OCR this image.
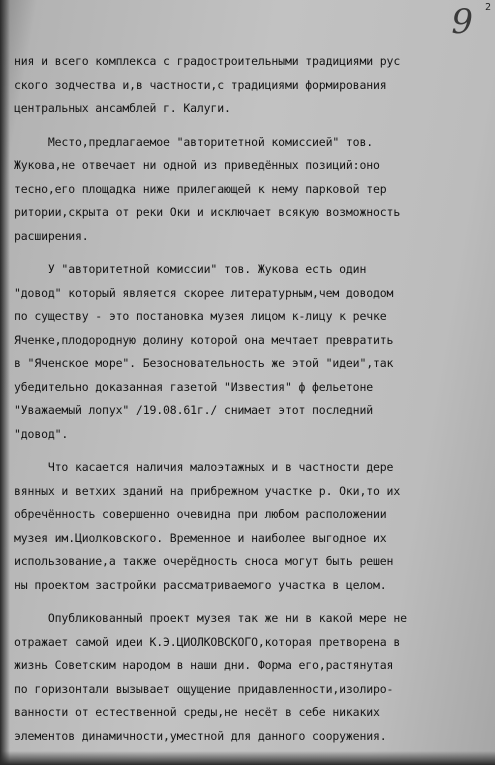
9 2
ния и всего комплекса с градостроительными традициями рус
ского зодчества и,в частности,с традициями формирования
центральных ансамблей г. Калуги.
Место,предлагаемое "авторитетной комиссией" тов.
Жукова,не отвечает ни одной из приведённых позиций:оно
тесно,его площадка ниже прилегающей к нему парковой тер
ритории,скрыта от реки Оки и исключает всякую возможность
расширения.
У "авторитетной комиссии" тов. Жукова есть один
"довод" который является скорее литературным,чем доводом
по существу - это постановка музея лицом к-лицу к речке
Яченке,плодородную долину которой она мечтает превратить
в "Яченское море". Безосновательность же этой "идеи",так
убедительно доказанная газетой "Известия" ф фельетоне
"Уважаемый лопух" /19.08.61г./ снимает этот последний
"довод".
Что касается наличия малоэтажных и в частности дере
вянных и ветхих зданий на прибрежном участке р. Оки,то их
обречённость совершенно очевидна при любом расположении
музея им.Циолковского. Временное и наиболее выгодное их
использование,а также очерёдность сноса могут быть решен
ны проектом застройки рассматриваемого участка в целом.
Опубликованный проект музея так же ни в какой мере не
отражает самой идеи К.Э.ЦИОЛКОВСКОГО,которая претворена в
жизнь Советским народом в наши дни. Форма его,растянутая
по горизонтали вызывает ощущение придавленности,изолиро-
ванности от естественной среды,не несёт в себе никаких
элементов динамичности,уместной для данного сооружения.
